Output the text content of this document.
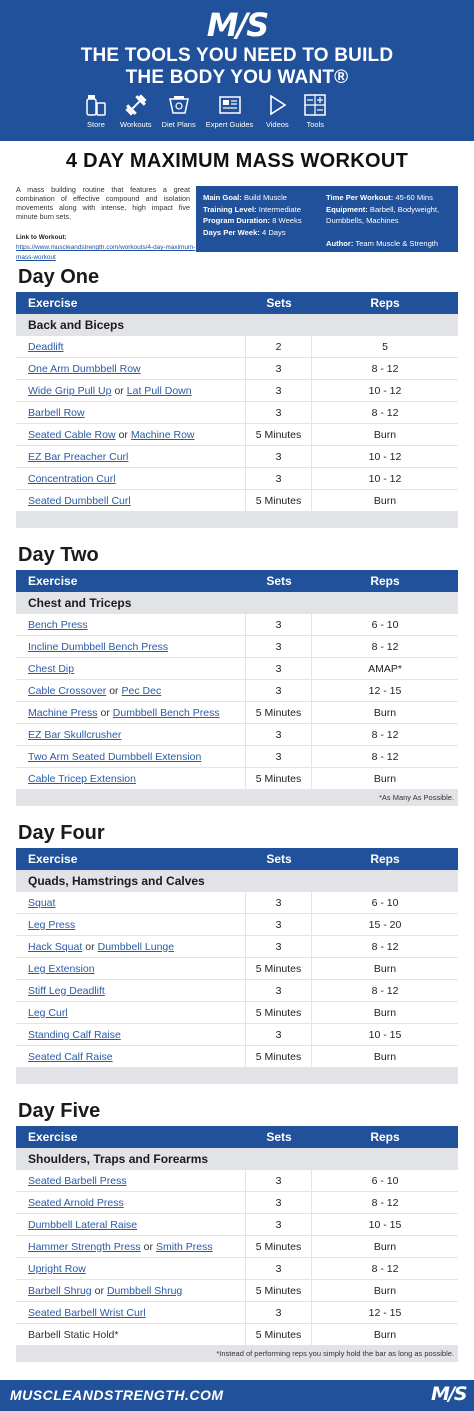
M/S
THE TOOLS YOU NEED TO BUILD
THE BODY YOU WANT®
Store Workouts Diet Plans Expert Guides Videos Tools
4 DAY MAXIMUM MASS WORKOUT
A mass building routine that features a great combination of effective compound and isolation movements along with intense, high impact five minute burn sets.
Link to Workout: https://www.muscleandstrength.com/workouts/4-day-maximum-mass-workout
Main Goal: Build Muscle
Training Level: Intermediate
Program Duration: 8 Weeks
Days Per Week: 4 Days
Time Per Workout: 45-60 Mins
Equipment: Barbell, Bodyweight, Dumbbells, Machines
Author: Team Muscle & Strength
Day One
Exercise	Sets	Reps
Back and Biceps
Deadlift	2	5
One Arm Dumbbell Row	3	8 - 12
Wide Grip Pull Up or Lat Pull Down	3	10 - 12
Barbell Row	3	8 - 12
Seated Cable Row or Machine Row	5 Minutes	Burn
EZ Bar Preacher Curl	3	10 - 12
Concentration Curl	3	10 - 12
Seated Dumbbell Curl	5 Minutes	Burn
Day Two
Exercise	Sets	Reps
Chest and Triceps
Bench Press	3	6 - 10
Incline Dumbbell Bench Press	3	8 - 12
Chest Dip	3	AMAP*
Cable Crossover or Pec Dec	3	12 - 15
Machine Press or Dumbbell Bench Press	5 Minutes	Burn
EZ Bar Skullcrusher	3	8 - 12
Two Arm Seated Dumbbell Extension	3	8 - 12
Cable Tricep Extension	5 Minutes	Burn
*As Many As Possible.
Day Four
Exercise	Sets	Reps
Quads, Hamstrings and Calves
Squat	3	6 - 10
Leg Press	3	15 - 20
Hack Squat or Dumbbell Lunge	3	8 - 12
Leg Extension	5 Minutes	Burn
Stiff Leg Deadlift	3	8 - 12
Leg Curl	5 Minutes	Burn
Standing Calf Raise	3	10 - 15
Seated Calf Raise	5 Minutes	Burn
Day Five
Exercise	Sets	Reps
Shoulders, Traps and Forearms
Seated Barbell Press	3	6 - 10
Seated Arnold Press	3	8 - 12
Dumbbell Lateral Raise	3	10 - 15
Hammer Strength Press or Smith Press	5 Minutes	Burn
Upright Row	3	8 - 12
Barbell Shrug or Dumbbell Shrug	5 Minutes	Burn
Seated Barbell Wrist Curl	3	12 - 15
Barbell Static Hold*	5 Minutes	Burn
*Instead of performing reps you simply hold the bar as long as possible.
MUSCLEANDSTRENGTH.COM	M/S
